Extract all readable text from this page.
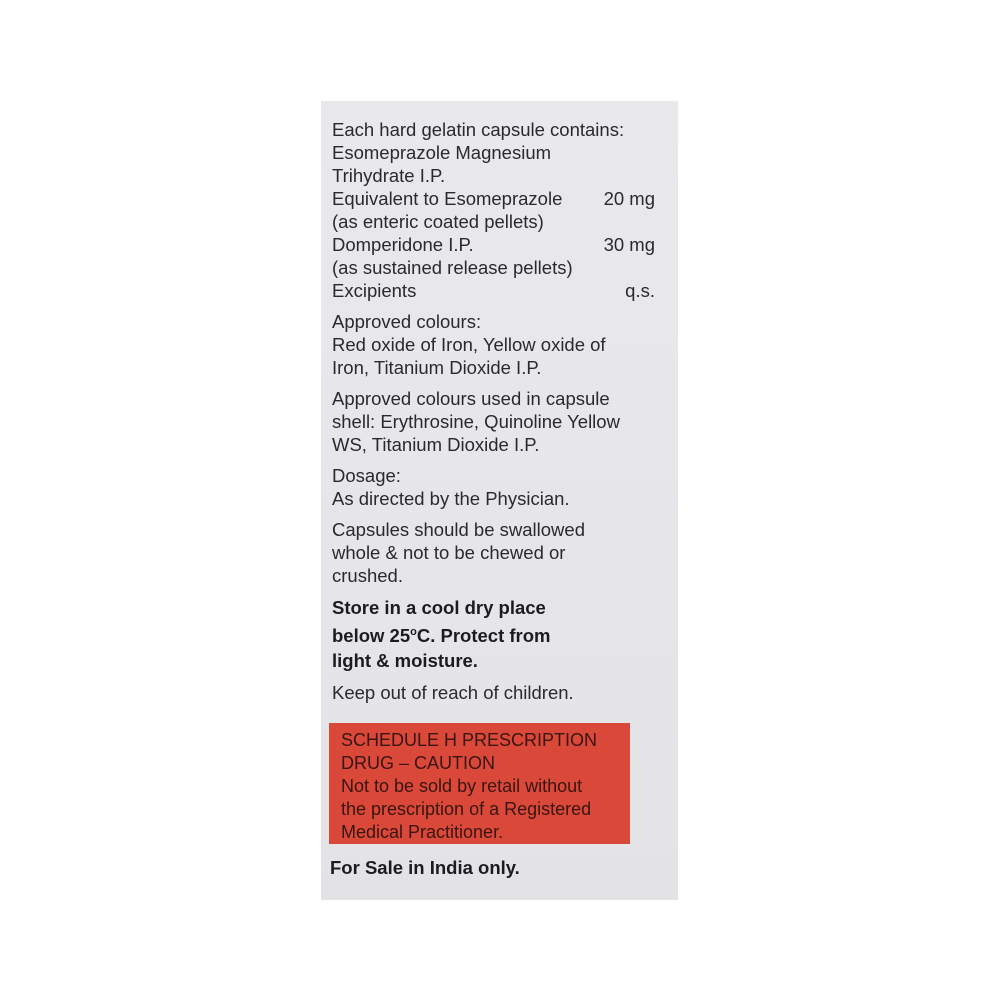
Each hard gelatin capsule contains:
Esomeprazole Magnesium
Trihydrate I.P.
Equivalent to Esomeprazole 20 mg
(as enteric coated pellets)
Domperidone I.P.	30 mg
(as sustained release pellets)
Excipients	q.s.
Approved colours:
Red oxide of Iron, Yellow oxide of
Iron, Titanium Dioxide I.P.
Approved colours used in capsule
shell: Erythrosine, Quinoline Yellow
WS, Titanium Dioxide I.P.
Dosage:
As directed by the Physician.
Capsules should be swallowed
whole & not to be chewed or
crushed.
Store in a cool dry place
below 25$^o$C. Protect from
light & moisture.
Keep out of reach of children.
SCHEDULE H PRESCRIPTION
DRUG – CAUTION
Not to be sold by retail without
the prescription of a Registered
Medical Practitioner.
For Sale in India only.
